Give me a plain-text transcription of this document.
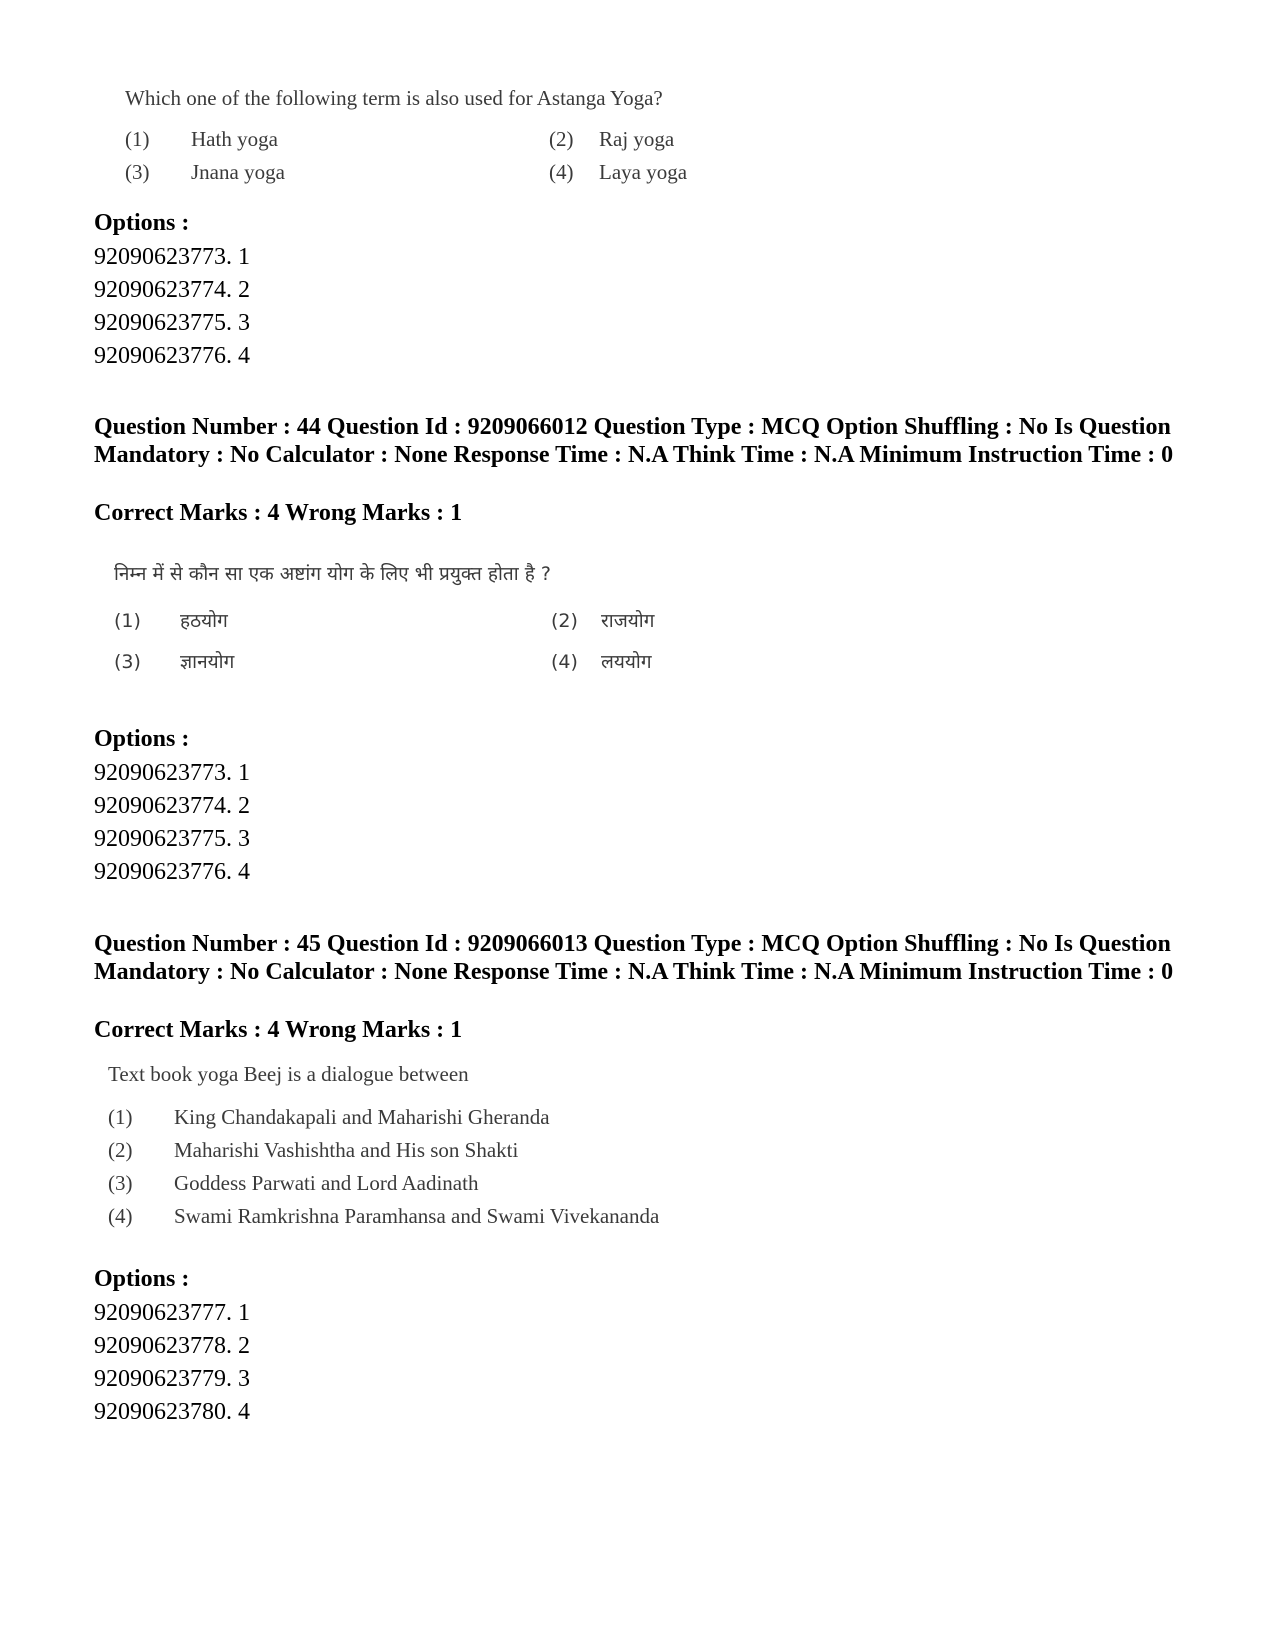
Which one of the following term is also used for Astanga Yoga?
(1) Hath yoga	(2) Raj yoga
(3) Jnana yoga	(4) Laya yoga
Options :
92090623773. 1
92090623774. 2
92090623775. 3
92090623776. 4
Question Number : 44 Question Id : 9209066012 Question Type : MCQ Option Shuffling : No Is Question Mandatory : No Calculator : None Response Time : N.A Think Time : N.A Minimum Instruction Time : 0
Correct Marks : 4 Wrong Marks : 1
निम्न में से कौन सा एक अष्टांग योग के लिए भी प्रयुक्त होता है ?
(1) हठयोग	(2) राजयोग
(3) ज्ञानयोग	(4) लययोग
Options :
92090623773. 1
92090623774. 2
92090623775. 3
92090623776. 4
Question Number : 45 Question Id : 9209066013 Question Type : MCQ Option Shuffling : No Is Question Mandatory : No Calculator : None Response Time : N.A Think Time : N.A Minimum Instruction Time : 0
Correct Marks : 4 Wrong Marks : 1
Text book yoga Beej is a dialogue between
(1) King Chandakapali and Maharishi Gheranda
(2) Maharishi Vashishtha and His son Shakti
(3) Goddess Parwati and Lord Aadinath
(4) Swami Ramkrishna Paramhansa and Swami Vivekananda
Options :
92090623777. 1
92090623778. 2
92090623779. 3
92090623780. 4
